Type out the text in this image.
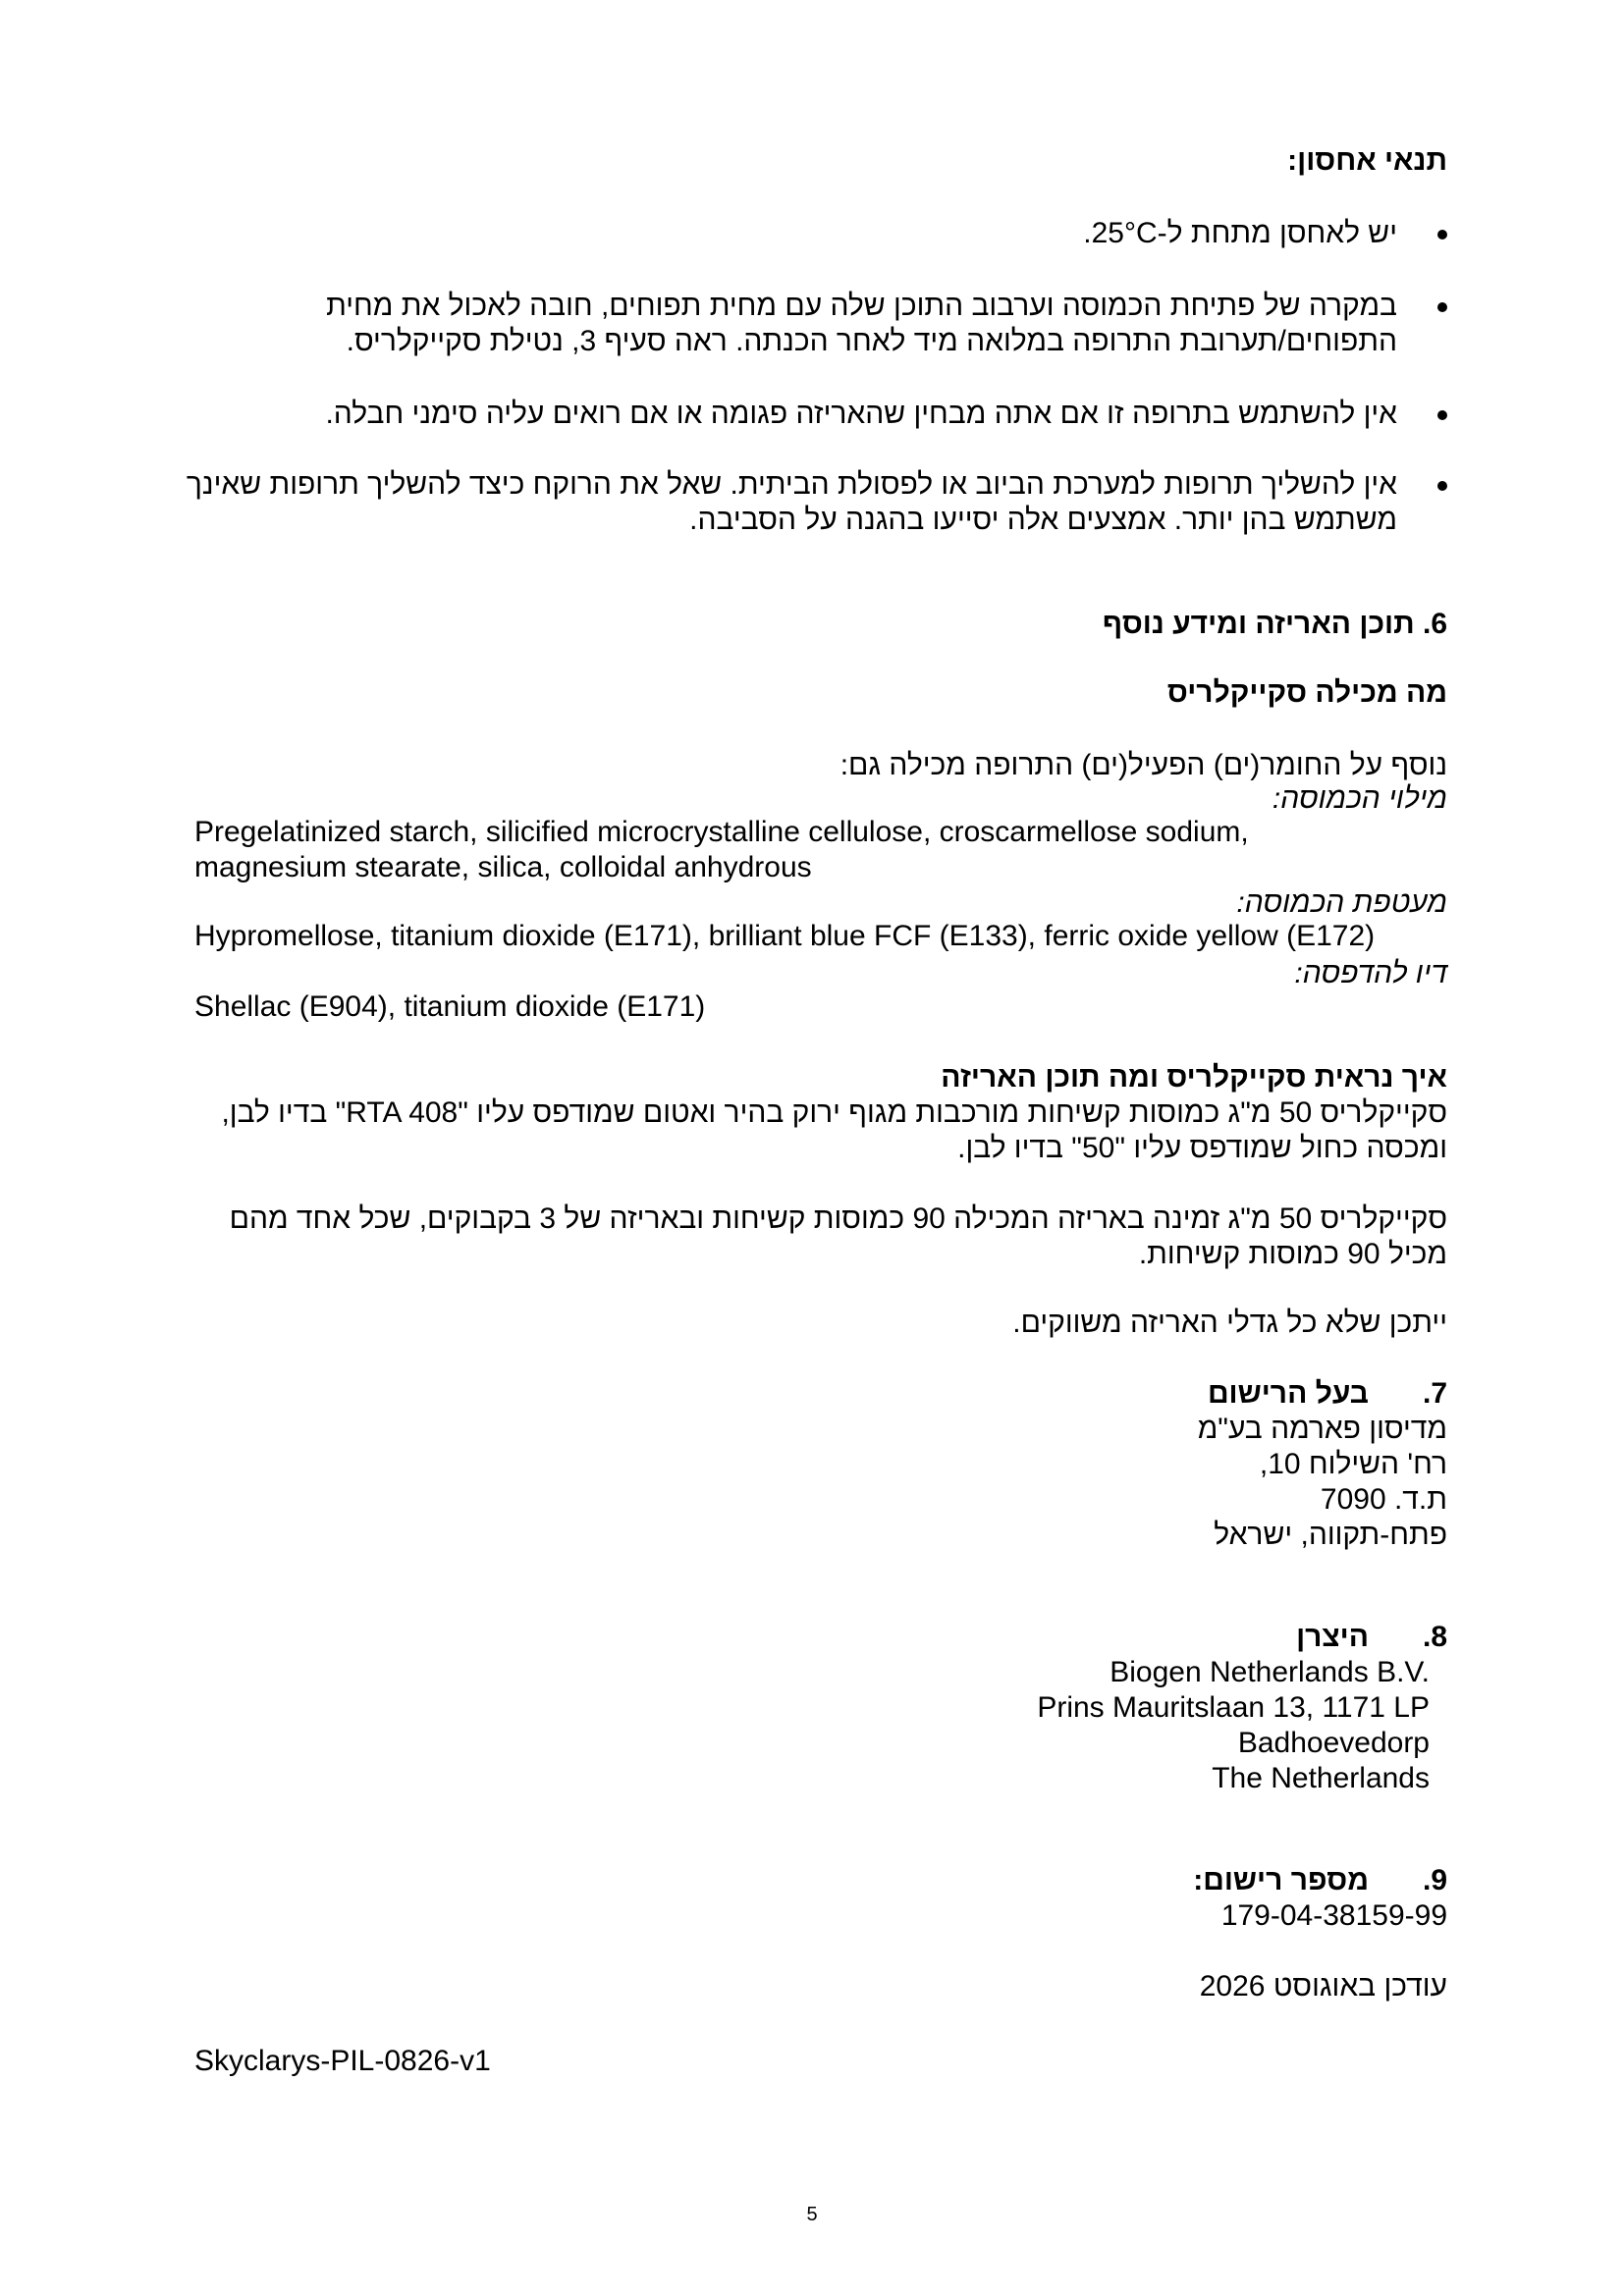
תנאי אחסון:
יש לאחסן מתחת ל-25°C.
במקרה של פתיחת הכמוסה וערבוב התוכן שלה עם מחית תפוחים, חובה לאכול את מחית
התפוחים/תערובת התרופה במלואה מיד לאחר הכנתה. ראה סעיף 3, נטילת סקייקלריס.
אין להשתמש בתרופה זו אם אתה מבחין שהאריזה פגומה או אם רואים עליה סימני חבלה.
אין להשליך תרופות למערכת הביוב או לפסולת הביתית. שאל את הרוקח כיצד להשליך תרופות שאינך
משתמש בהן יותר. אמצעים אלה יסייעו בהגנה על הסביבה.
6. תוכן האריזה ומידע נוסף
מה מכילה סקייקלריס
נוסף על החומר(ים) הפעיל(ים) התרופה מכילה גם:
מילוי הכמוסה:
Pregelatinized starch, silicified microcrystalline cellulose, croscarmellose sodium,
magnesium stearate, silica, colloidal anhydrous
מעטפת הכמוסה:
Hypromellose, titanium dioxide (E171), brilliant blue FCF (E133), ferric oxide yellow (E172)
דיו להדפסה:
Shellac (E904), titanium dioxide (E171)
איך נראית סקייקלריס ומה תוכן האריזה
סקייקלריס 50 מ"ג כמוסות קשיחות מורכבות מגוף ירוק בהיר ואטום שמודפס עליו "RTA 408" בדיו לבן,
ומכסה כחול שמודפס עליו "50" בדיו לבן.
סקייקלריס 50 מ"ג זמינה באריזה המכילה 90 כמוסות קשיחות ובאריזה של 3 בקבוקים, שכל אחד מהם
מכיל 90 כמוסות קשיחות.
ייתכן שלא כל גדלי האריזה משווקים.
7.
בעל הרישום
מדיסון פארמה בע"מ
רח' השילוח 10,
ת.ד. 7090
פתח-תקווה, ישראל
8.
היצרן
Biogen Netherlands B.V.
Prins Mauritslaan 13, 1171 LP
Badhoevedorp
The Netherlands
9.
מספר רישום:
179-04-38159-99
עודכן באוגוסט 2026
Skyclarys-PIL-0826-v1
5
